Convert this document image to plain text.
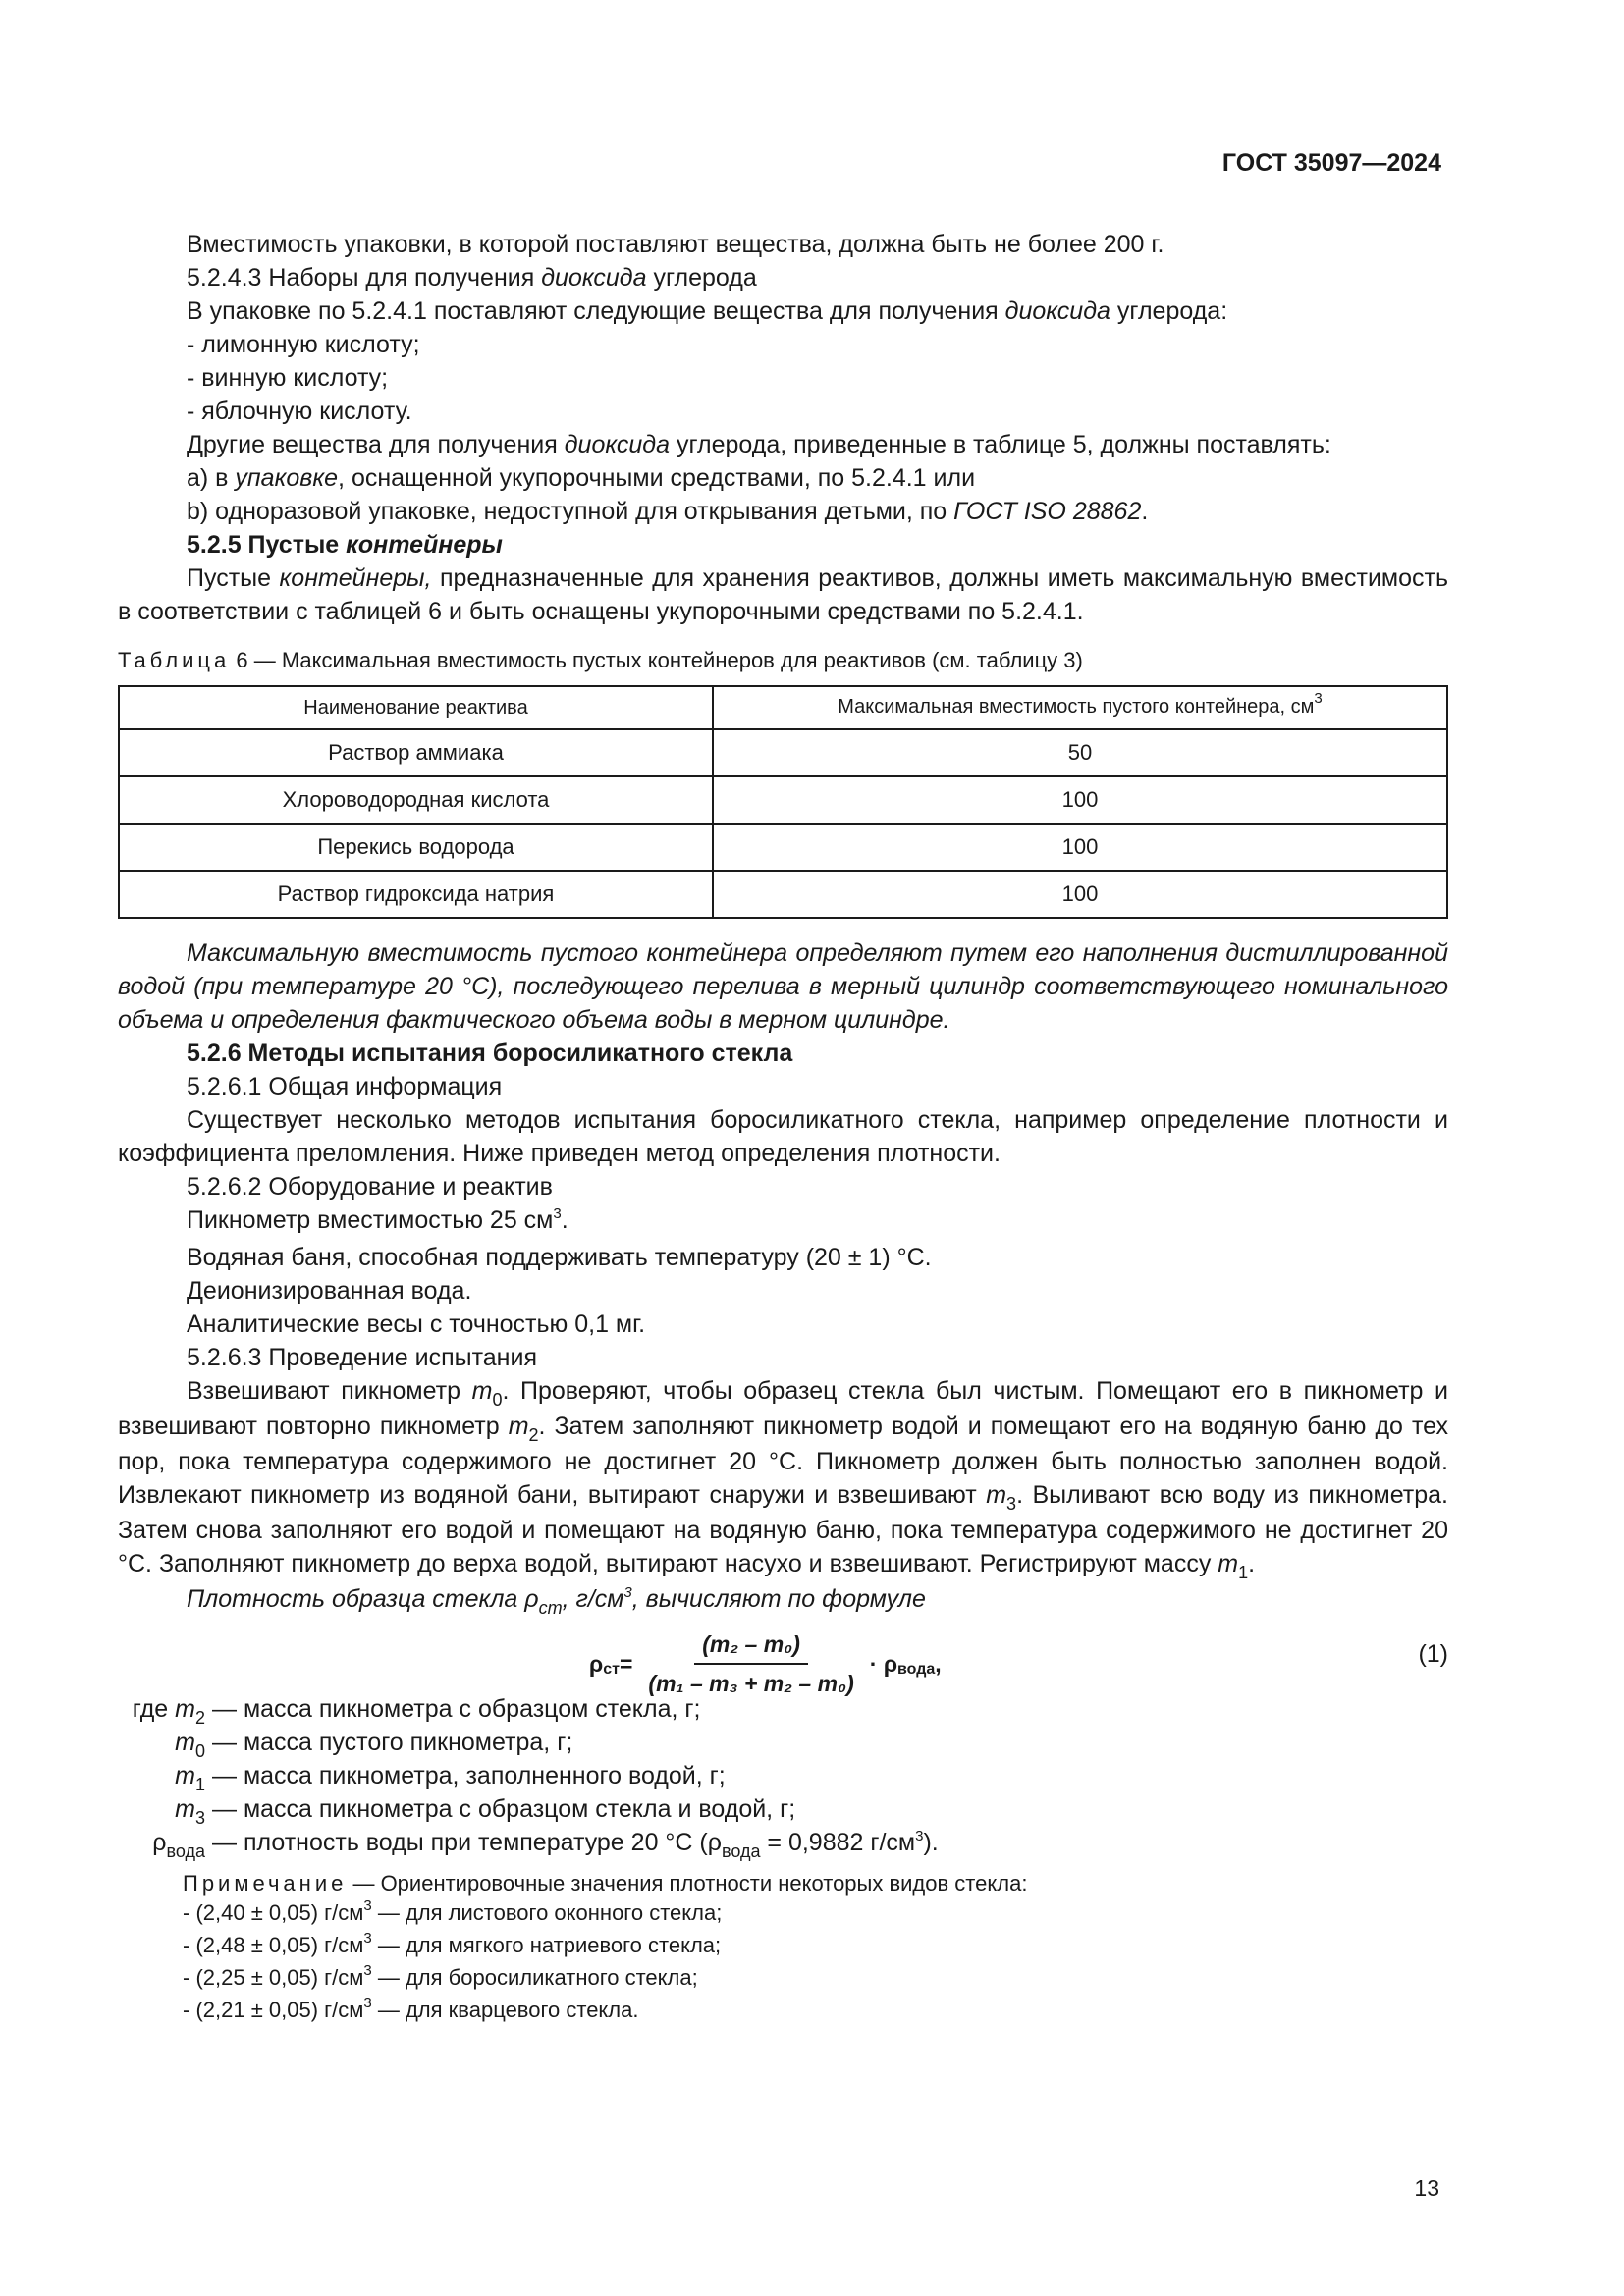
ГОСТ 35097—2024
Вместимость упаковки, в которой поставляют вещества, должна быть не более 200 г.
5.2.4.3 Наборы для получения диоксида углерода
В упаковке по 5.2.4.1 поставляют следующие вещества для получения диоксида углерода:
- лимонную кислоту;
- винную кислоту;
- яблочную кислоту.
Другие вещества для получения диоксида углерода, приведенные в таблице 5, должны поставлять:
a) в упаковке, оснащенной укупорочными средствами, по 5.2.4.1 или
b) одноразовой упаковке, недоступной для открывания детьми, по ГОСТ ISO 28862.
5.2.5 Пустые контейнеры
Пустые контейнеры, предназначенные для хранения реактивов, должны иметь максимальную вместимость в соответствии с таблицей 6 и быть оснащены укупорочными средствами по 5.2.4.1.
Таблица 6 — Максимальная вместимость пустых контейнеров для реактивов (см. таблицу 3)
Наименование реактива	Максимальная вместимость пустого контейнера, $см^3$
Раствор аммиака	50
Хлороводородная кислота	100
Перекись водорода	100
Раствор гидроксида натрия	100
Максимальную вместимость пустого контейнера определяют путем его наполнения дистиллированной водой (при температуре 20 °C), последующего перелива в мерный цилиндр соответствующего номинального объема и определения фактического объема воды в мерном цилиндре.
5.2.6 Методы испытания боросиликатного стекла
5.2.6.1 Общая информация
Существует несколько методов испытания боросиликатного стекла, например определение плотности и коэффициента преломления. Ниже приведен метод определения плотности.
5.2.6.2 Оборудование и реактив
Пикнометр вместимостью 25 $см^3$.
Водяная баня, способная поддерживать температуру (20 ± 1) °C.
Деионизированная вода.
Аналитические весы с точностью 0,1 мг.
5.2.6.3 Проведение испытания
Взвешивают пикнометр $m_0$. Проверяют, чтобы образец стекла был чистым. Помещают его в пикнометр и взвешивают повторно пикнометр $m_2$. Затем заполняют пикнометр водой и помещают его на водяную баню до тех пор, пока температура содержимого не достигнет 20 °C. Пикнометр должен быть полностью заполнен водой. Извлекают пикнометр из водяной бани, вытирают снаружи и взвешивают $m_3$. Выливают всю воду из пикнометра. Затем снова заполняют его водой и помещают на водяную баню, пока температура содержимого не достигнет 20 °C. Заполняют пикнометр до верха водой, вытирают насухо и взвешивают. Регистрируют массу $m_1$.
Плотность образца стекла $\rho_{ст}$, $г/см^3$, вычисляют по формуле
ρ ст = $\frac{\text{(m₂ – m₀)}}{\text{(m₁ – m₃ + m₂ – m₀)}} \cdot \rho$ вода ,	(1)
где $m_2$ — масса пикнометра с образцом стекла, г;
$m_0$ — масса пустого пикнометра, г;
$m_1$ — масса пикнометра, заполненного водой, г;
$m_3$ — масса пикнометра с образцом стекла и водой, г;
$\rho_{вода}$ — плотность воды при температуре 20 °C ($\rho_{вода} = 0,9882$ $г/см^3$).
Примечание — Ориентировочные значения плотности некоторых видов стекла:
- (2,40 ± 0,05) $г/см^3$ — для листового оконного стекла;
- (2,48 ± 0,05) $г/см^3$ — для мягкого натриевого стекла;
- (2,25 ± 0,05) $г/см^3$ — для боросиликатного стекла;
- (2,21 ± 0,05) $г/см^3$ — для кварцевого стекла.
13
